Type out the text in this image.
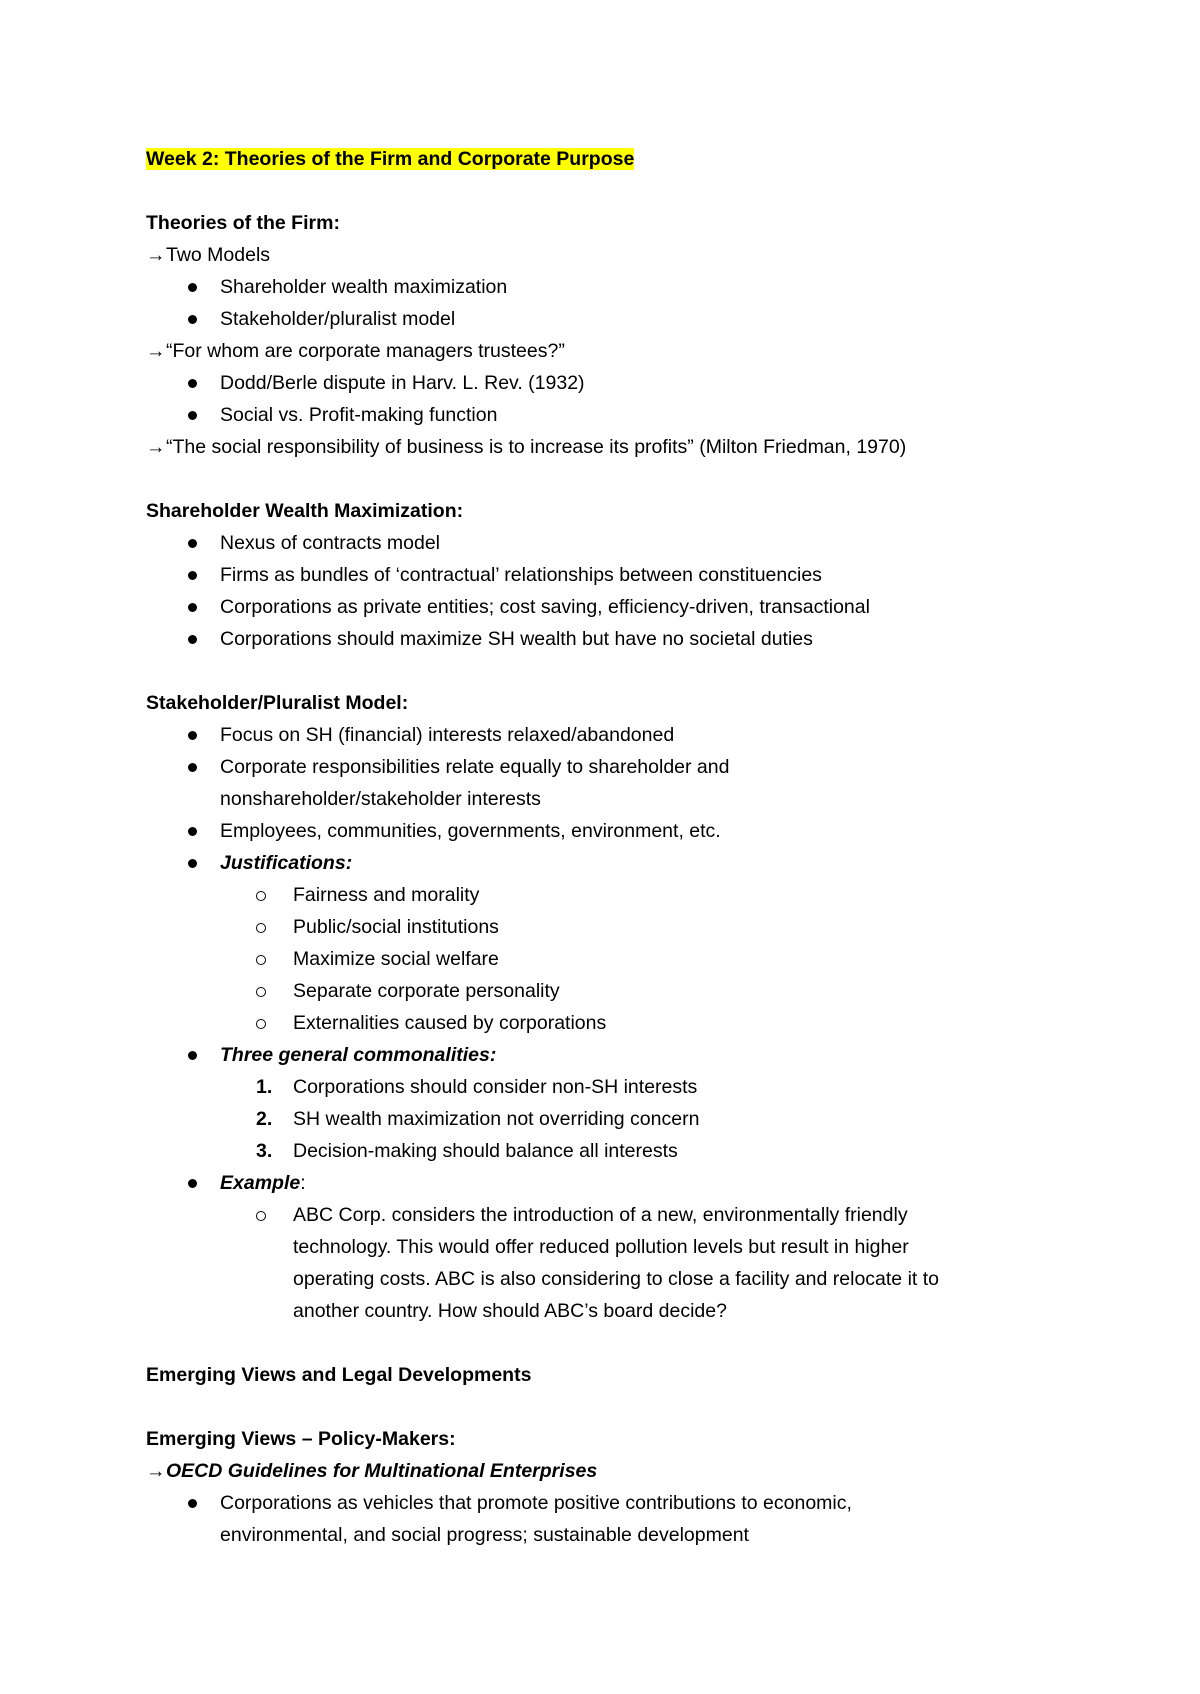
Week 2: Theories of the Firm and Corporate Purpose
Theories of the Firm:
→Two Models
Shareholder wealth maximization
Stakeholder/pluralist model
→“For whom are corporate managers trustees?”
Dodd/Berle dispute in Harv. L. Rev. (1932)
Social vs. Profit-making function
→“The social responsibility of business is to increase its profits” (Milton Friedman, 1970)
Shareholder Wealth Maximization:
Nexus of contracts model
Firms as bundles of ‘contractual’ relationships between constituencies
Corporations as private entities; cost saving, efficiency-driven, transactional
Corporations should maximize SH wealth but have no societal duties
Stakeholder/Pluralist Model:
Focus on SH (financial) interests relaxed/abandoned
Corporate responsibilities relate equally to shareholder and
nonshareholder/stakeholder interests
Employees, communities, governments, environment, etc.
Justifications:
Fairness and morality
Public/social institutions
Maximize social welfare
Separate corporate personality
Externalities caused by corporations
Three general commonalities:
1. Corporations should consider non-SH interests
2. SH wealth maximization not overriding concern
3. Decision-making should balance all interests
Example:
ABC Corp. considers the introduction of a new, environmentally friendly
technology. This would offer reduced pollution levels but result in higher
operating costs. ABC is also considering to close a facility and relocate it to
another country. How should ABC’s board decide?
Emerging Views and Legal Developments
Emerging Views – Policy-Makers:
→OECD Guidelines for Multinational Enterprises
Corporations as vehicles that promote positive contributions to economic,
environmental, and social progress; sustainable development
